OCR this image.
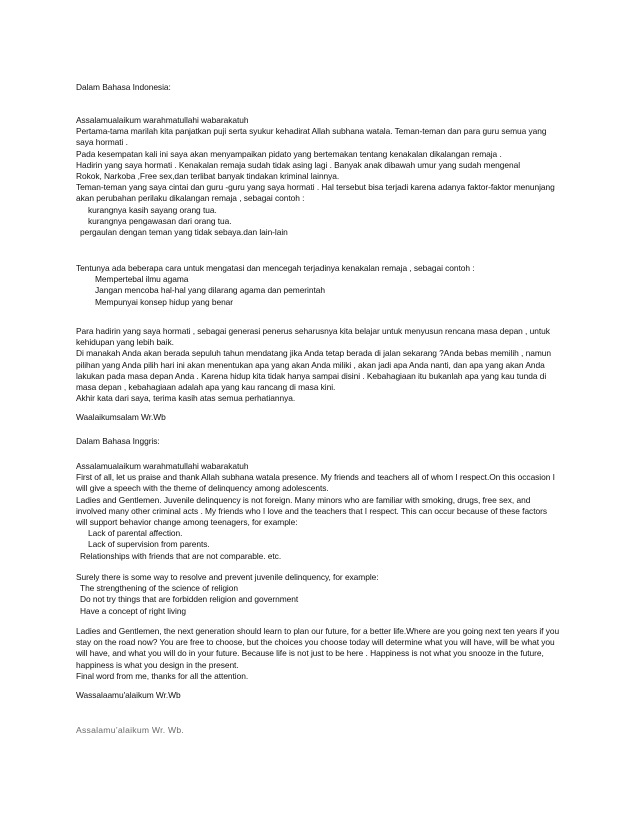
Dalam Bahasa Indonesia:
Assalamualaikum warahmatullahi wabarakatuh
Pertama-tama marilah kita panjatkan puji serta syukur kehadirat Allah subhana watala. Teman-teman dan para guru semua yang
saya hormati .
Pada kesempatan kali ini saya akan menyampaikan pidato yang bertemakan tentang kenakalan dikalangan remaja .
Hadirin yang saya hormati . Kenakalan remaja sudah tidak asing lagi . Banyak anak dibawah umur yang sudah mengenal
Rokok, Narkoba ,Free sex,dan terlibat banyak tindakan kriminal lainnya.
Teman-teman yang saya cintai dan guru -guru yang saya hormati . Hal tersebut bisa terjadi karena adanya faktor-faktor menunjang
akan perubahan perilaku dikalangan remaja , sebagai contoh :
kurangnya kasih sayang orang tua.
kurangnya pengawasan dari orang tua.
pergaulan dengan teman yang tidak sebaya.dan lain-lain
Tentunya ada beberapa cara untuk mengatasi dan mencegah terjadinya kenakalan remaja , sebagai contoh :
Mempertebal ilmu agama
Jangan mencoba hal-hal yang dilarang agama dan pemerintah
Mempunyai konsep hidup yang benar
Para hadirin yang saya hormati , sebagai generasi penerus seharusnya kita belajar untuk menyusun rencana masa depan , untuk
kehidupan yang lebih baik.
Di manakah Anda akan berada sepuluh tahun mendatang jika Anda tetap berada di jalan sekarang ?Anda bebas memilih , namun
pilihan yang Anda pilih hari ini akan menentukan apa yang akan Anda miliki , akan jadi apa Anda nanti, dan apa yang akan Anda
lakukan pada masa depan Anda . Karena hidup kita tidak hanya sampai disini . Kebahagiaan itu bukanlah apa yang kau tunda di
masa depan , kebahagiaan adalah apa yang kau rancang di masa kini.
Akhir kata dari saya, terima kasih atas semua perhatiannya.
Waalaikumsalam Wr.Wb
Dalam Bahasa Inggris:
Assalamualaikum warahmatullahi wabarakatuh
First of all, let us praise and thank Allah subhana watala presence. My friends and teachers all of whom I respect.On this occasion I
will give a speech with the theme of delinquency among adolescents.
Ladies and Gentlemen. Juvenile delinquency is not foreign. Many minors who are familiar with smoking, drugs, free sex, and
involved many other criminal acts . My friends who I love and the teachers that I respect. This can occur because of these factors
will support behavior change among teenagers, for example:
Lack of parental affection.
Lack of supervision from parents.
Relationships with friends that are not comparable. etc.
Surely there is some way to resolve and prevent juvenile delinquency, for example:
The strengthening of the science of religion
Do not try things that are forbidden religion and government
Have a concept of right living
Ladies and Gentlemen, the next generation should learn to plan our future, for a better life.Where are you going next ten years if you
stay on the road now? You are free to choose, but the choices you choose today will determine what you will have, will be what you
will have, and what you will do in your future. Because life is not just to be here . Happiness is not what you snooze in the future,
happiness is what you design in the present.
Final word from me, thanks for all the attention.
Wassalaamu'alaikum Wr.Wb
Assalamu’alaikum Wr. Wb.
